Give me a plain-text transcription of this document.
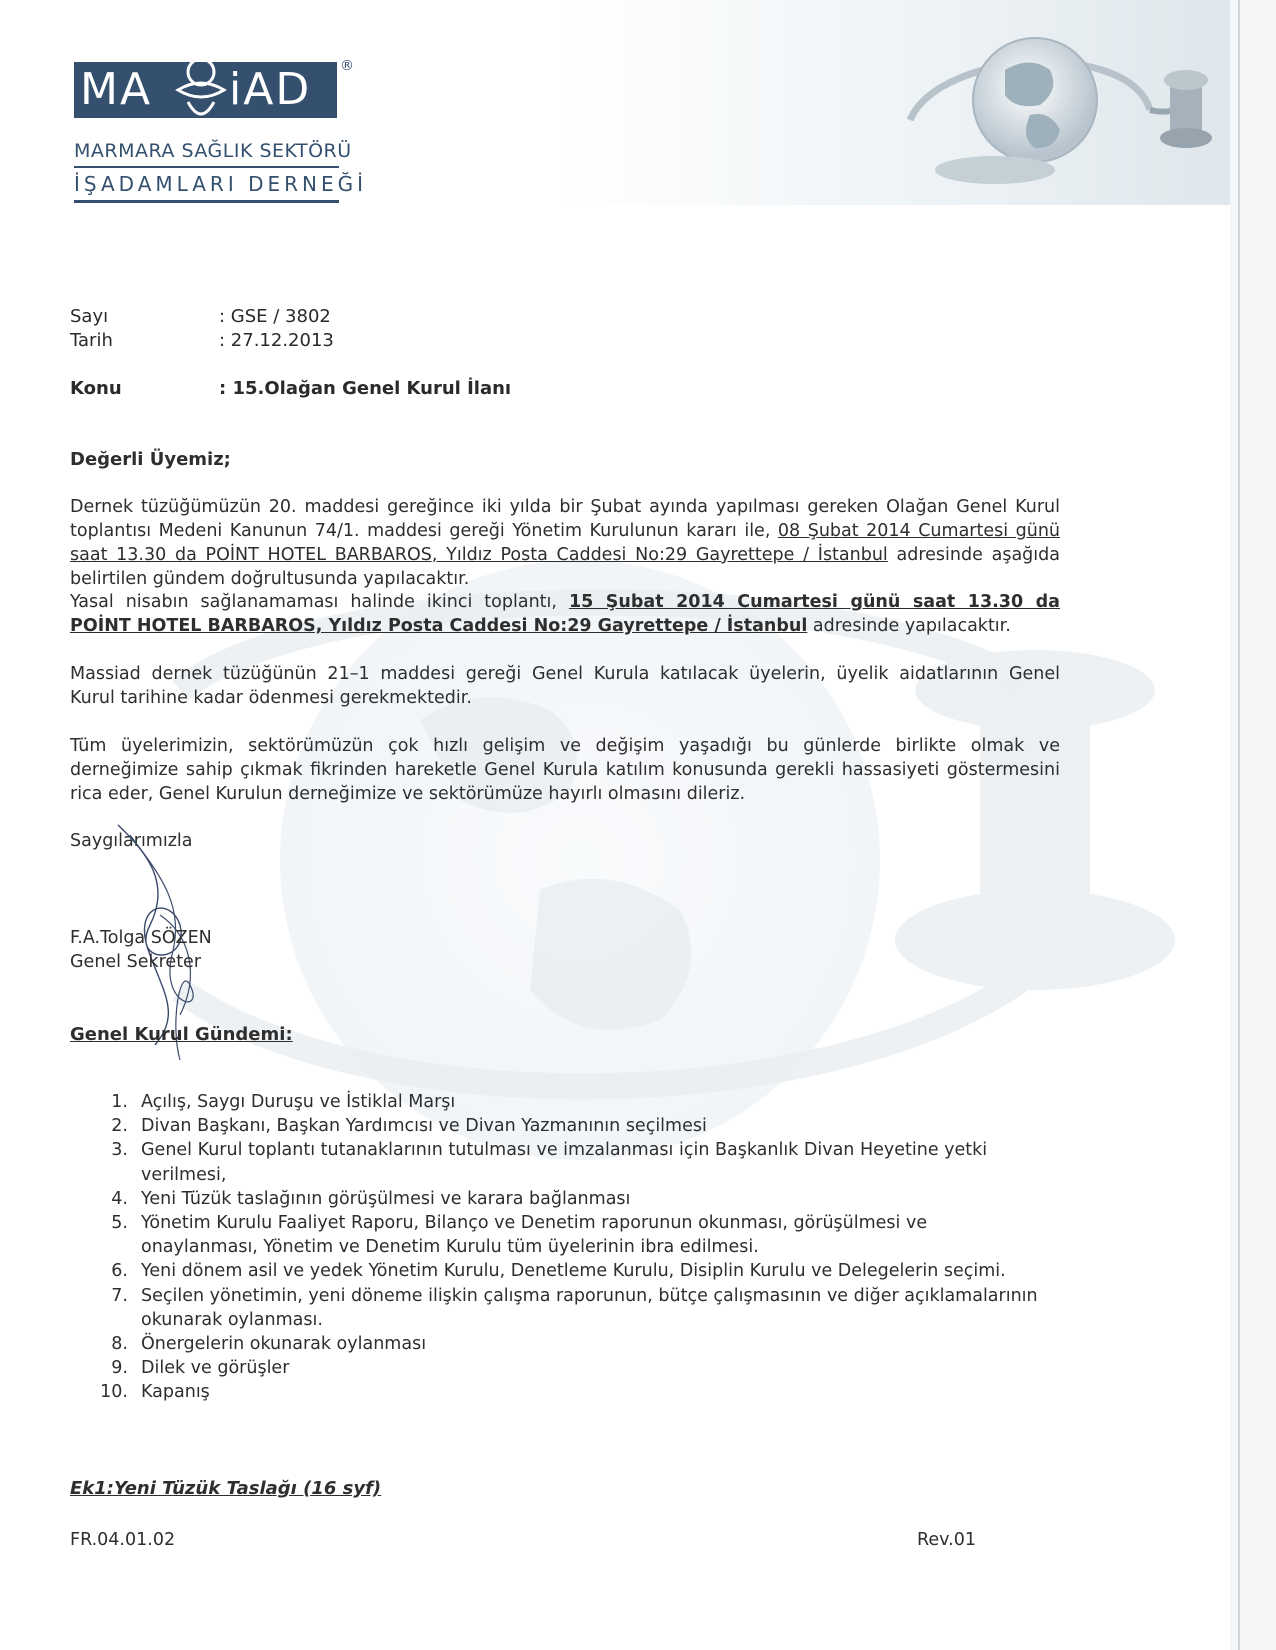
MA iAD ®
MARMARA SAĞLIK SEKTÖRÜ
İŞADAMLARI DERNEĞİ
Sayı	: GSE / 3802
Tarih	: 27.12.2013
Konu	: 15.Olağan Genel Kurul İlanı
Değerli Üyemiz;
Dernek tüzüğümüzün 20. maddesi gereğince iki yılda bir Şubat ayında yapılması gereken Olağan Genel Kurul
toplantısı Medeni Kanunun 74/1. maddesi gereği Yönetim Kurulunun kararı ile, 08 Şubat 2014 Cumartesi günü
saat 13.30 da POİNT HOTEL BARBAROS, Yıldız Posta Caddesi No:29 Gayrettepe / İstanbul adresinde aşağıda
belirtilen gündem doğrultusunda yapılacaktır.
Yasal nisabın sağlanamaması halinde ikinci toplantı, 15 Şubat 2014 Cumartesi günü saat 13.30 da
POİNT HOTEL BARBAROS, Yıldız Posta Caddesi No:29 Gayrettepe / İstanbul adresinde yapılacaktır.
Massiad dernek tüzüğünün 21–1 maddesi gereği Genel Kurula katılacak üyelerin, üyelik aidatlarının Genel
Kurul tarihine kadar ödenmesi gerekmektedir.
Tüm üyelerimizin, sektörümüzün çok hızlı gelişim ve değişim yaşadığı bu günlerde birlikte olmak ve
derneğimize sahip çıkmak fikrinden hareketle Genel Kurula katılım konusunda gerekli hassasiyeti göstermesini
rica eder, Genel Kurulun derneğimize ve sektörümüze hayırlı olmasını dileriz.
Saygılarımızla
F.A.Tolga SÖZEN
Genel Sekreter
Genel Kurul Gündemi:
1. Açılış, Saygı Duruşu ve İstiklal Marşı
2. Divan Başkanı, Başkan Yardımcısı ve Divan Yazmanının seçilmesi
3. Genel Kurul toplantı tutanaklarının tutulması ve imzalanması için Başkanlık Divan Heyetine yetki verilmesi,
4. Yeni Tüzük taslağının görüşülmesi ve karara bağlanması
5. Yönetim Kurulu Faaliyet Raporu, Bilanço ve Denetim raporunun okunması, görüşülmesi ve onaylanması, Yönetim ve Denetim Kurulu tüm üyelerinin ibra edilmesi.
6. Yeni dönem asil ve yedek Yönetim Kurulu, Denetleme Kurulu, Disiplin Kurulu ve Delegelerin seçimi.
7. Seçilen yönetimin, yeni döneme ilişkin çalışma raporunun, bütçe çalışmasının ve diğer açıklamalarının okunarak oylanması.
8. Önergelerin okunarak oylanması
9. Dilek ve görüşler
10. Kapanış
Ek1:Yeni Tüzük Taslağı (16 syf)
FR.04.01.02	Rev.01
